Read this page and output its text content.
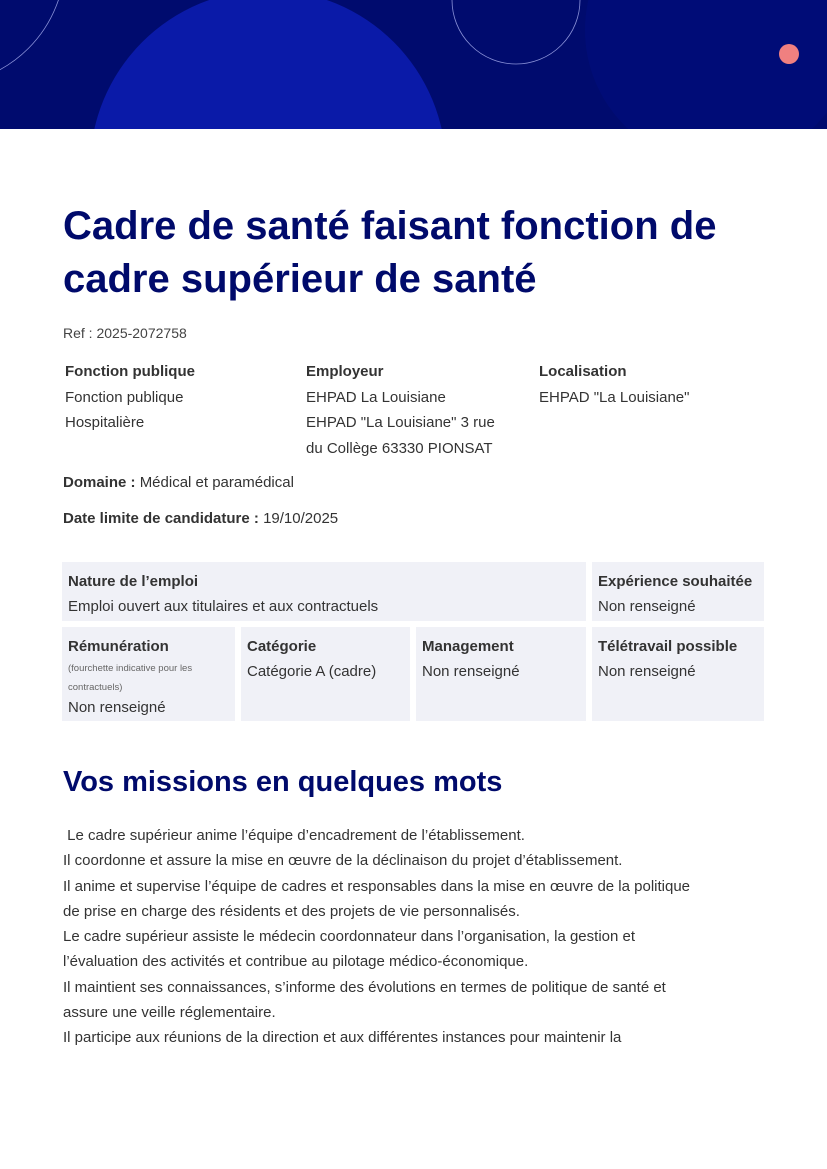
Cadre de santé faisant fonction de
cadre supérieur de santé
Ref : 2025-2072758
Fonction publique
Fonction publique
Hospitalière
Employeur
EHPAD La Louisiane
EHPAD "La Louisiane" 3 rue
du Collège 63330 PIONSAT
Localisation
EHPAD "La Louisiane"
Domaine : Médical et paramédical
Date limite de candidature : 19/10/2025
Nature de l’emploi
Emploi ouvert aux titulaires et aux contractuels
Expérience souhaitée
Non renseigné
Rémunération
(fourchette indicative pour les
contractuels)
Non renseigné
Catégorie
Catégorie A (cadre)
Management
Non renseigné
Télétravail possible
Non renseigné
Vos missions en quelques mots
Le cadre supérieur anime l’équipe d’encadrement de l’établissement.
Il coordonne et assure la mise en œuvre de la déclinaison du projet d’établissement.
Il anime et supervise l’équipe de cadres et responsables dans la mise en œuvre de la politique
de prise en charge des résidents et des projets de vie personnalisés.
Le cadre supérieur assiste le médecin coordonnateur dans l’organisation, la gestion et
l’évaluation des activités et contribue au pilotage médico-économique.
Il maintient ses connaissances, s’informe des évolutions en termes de politique de santé et
assure une veille réglementaire.
Il participe aux réunions de la direction et aux différentes instances pour maintenir la
